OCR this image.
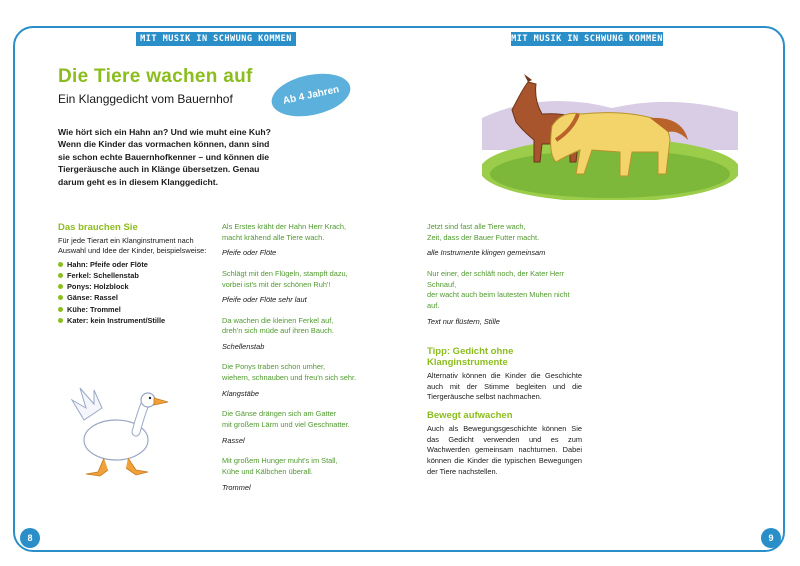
MIT MUSIK IN SCHWUNG KOMMEN	MIT MUSIK IN SCHWUNG KOMMEN
Die Tiere wachen auf

Ein Klanggedicht vom Bauernhof	Ab 4 Jahren

Wie hört sich ein Hahn an? Und wie muht eine Kuh? Wenn die Kinder das vormachen können, dann sind sie schon echte Bauernhofkenner – und können die Tiergeräusche auch in Klänge übersetzen. Genau darum geht es in diesem Klanggedicht.

Das brauchen Sie

Für jede Tierart ein Klanginstrument nach Auswahl und Idee der Kinder, beispielsweise:

Hahn: Pfeife oder Flöte
Ferkel: Schellenstab
Ponys: Holzblock
Gänse: Rassel
Kühe: Trommel
Kater: kein Instrument/Stille

Als Erstes kräht der Hahn Herr Krach,

macht krähend alle Tiere wach.

Pfeife oder Flöte

Schlägt mit den Flügeln, stampft dazu,

vorbei ist's mit der schönen Ruh'!

Pfeife oder Flöte sehr laut

Da wachen die kleinen Ferkel auf,

dreh'n sich müde auf ihren Bauch.

Schellenstab

Die Ponys traben schon umher,

wiehern, schnauben und freu'n sich sehr.

Klangstäbe

Die Gänse drängen sich am Gatter

mit großem Lärm und viel Geschnatter.

Rassel

Mit großem Hunger muht's im Stall,

Kühe und Kälbchen überall.

Trommel

Jetzt sind fast alle Tiere wach,

Zeit, dass der Bauer Futter macht.

alle Instrumente klingen gemeinsam

Nur einer, der schläft noch, der Kater Herr Schnauf,

der wacht auch beim lautesten Muhen nicht auf.

Text nur flüstern, Stille

Tipp: Gedicht ohne Klanginstrumente

Alternativ können die Kinder die Geschichte auch mit der Stimme begleiten und die Tiergeräusche selbst nachmachen.

Bewegt aufwachen

Auch als Bewegungsgeschichte können Sie das Gedicht verwenden und es zum Wachwerden gemeinsam nachturnen. Dabei können die Kinder die typischen Bewegungen der Tiere nachstellen.

8	9
